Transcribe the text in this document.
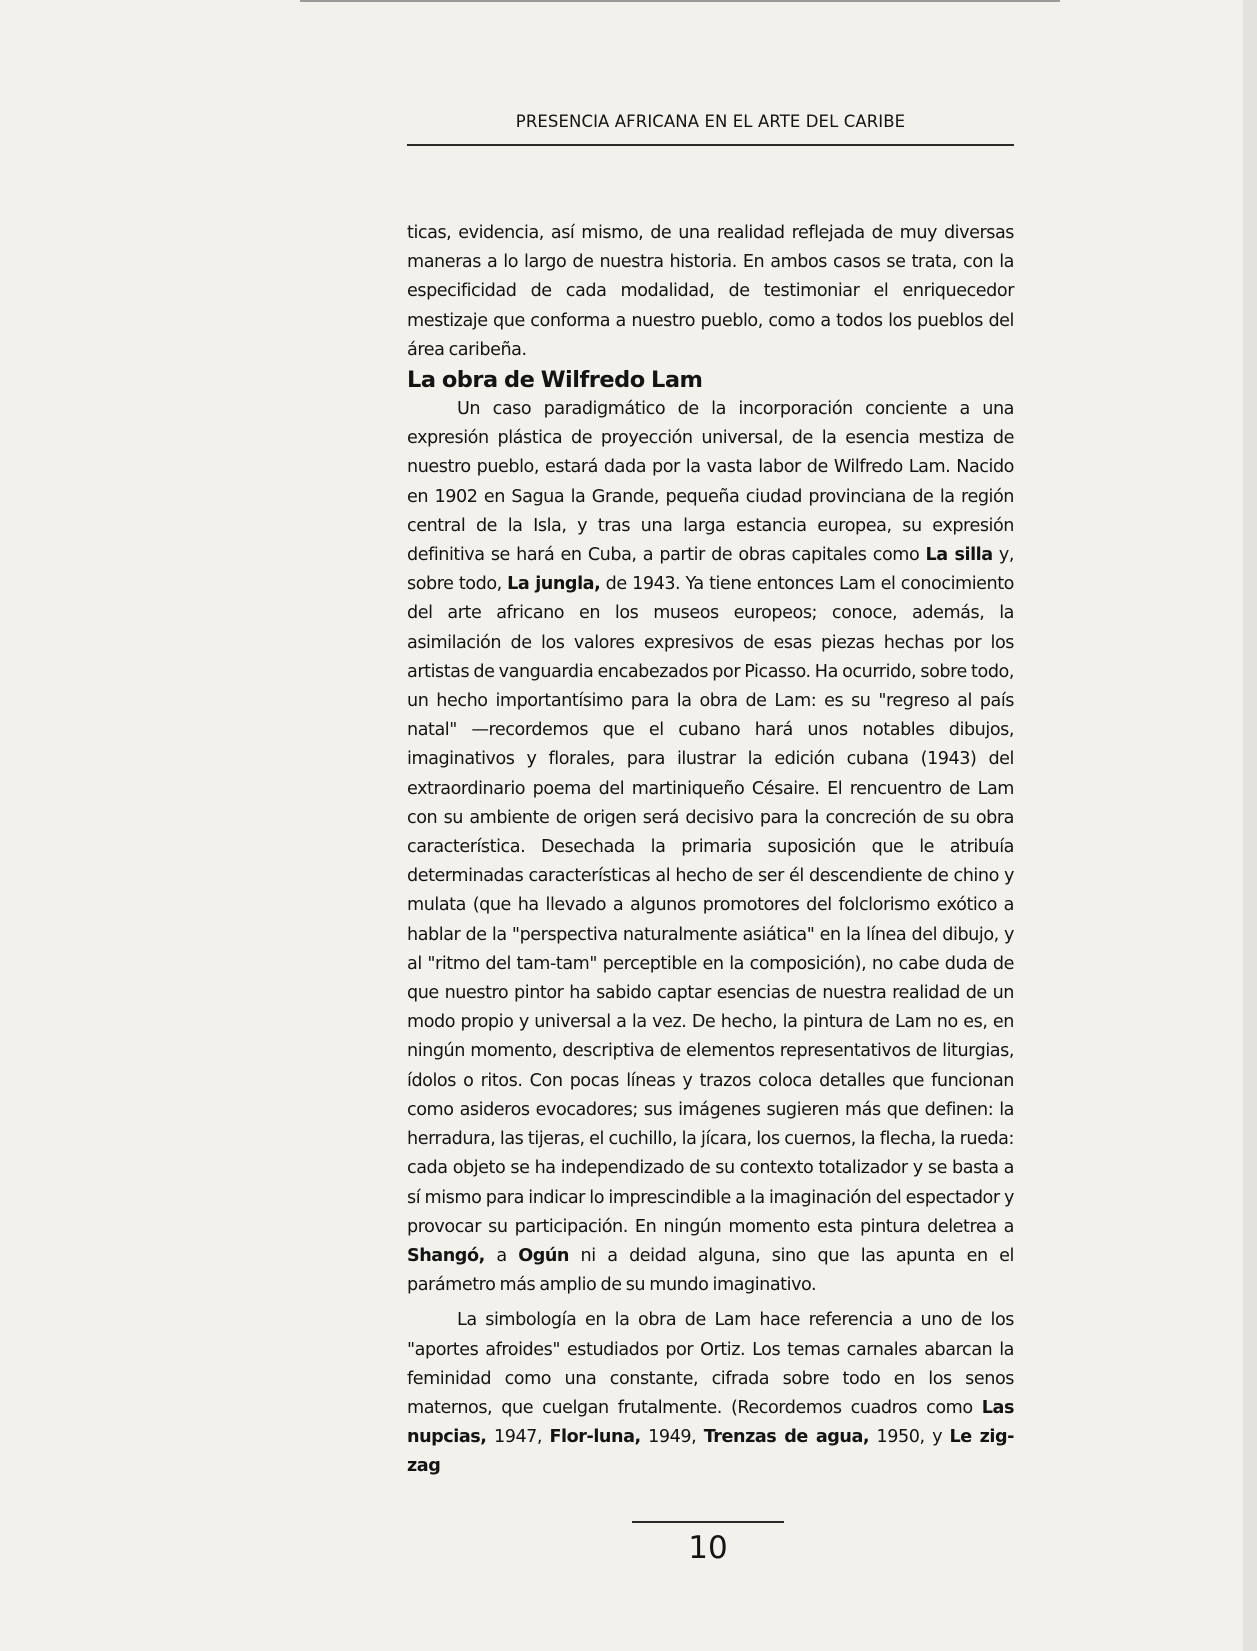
PRESENCIA AFRICANA EN EL ARTE DEL CARIBE

ticas, evidencia, así mismo, de una realidad reflejada de muy diversas maneras a lo largo de nuestra historia. En ambos casos se trata, con la especificidad de cada modalidad, de testimoniar el enriquecedor mestizaje que conforma a nuestro pueblo, como a todos los pueblos del área caribeña.

La obra de Wilfredo Lam

Un caso paradigmático de la incorporación conciente a una expresión plástica de proyección universal, de la esencia mestiza de nuestro pueblo, estará dada por la vasta labor de Wilfredo Lam. Nacido en 1902 en Sagua la Grande, pequeña ciudad provinciana de la región central de la Isla, y tras una larga estancia europea, su expresión definitiva se hará en Cuba, a partir de obras capitales como La silla y, sobre todo, La jungla, de 1943. Ya tiene entonces Lam el conocimiento del arte africano en los museos europeos; conoce, además, la asimilación de los valores expresivos de esas piezas hechas por los artistas de vanguardia encabezados por Picasso. Ha ocurrido, sobre todo, un hecho importantísimo para la obra de Lam: es su "regreso al país natal" —recordemos que el cubano hará unos notables dibujos, imaginativos y florales, para ilustrar la edición cubana (1943) del extraordinario poema del martiniqueño Césaire. El rencuentro de Lam con su ambiente de origen será decisivo para la concreción de su obra característica. Desechada la primaria suposición que le atribuía determinadas características al hecho de ser él descendiente de chino y mulata (que ha llevado a algunos promotores del folclorismo exótico a hablar de la "perspectiva naturalmente asiática" en la línea del dibujo, y al "ritmo del tam-tam" perceptible en la composición), no cabe duda de que nuestro pintor ha sabido captar esencias de nuestra realidad de un modo propio y universal a la vez. De hecho, la pintura de Lam no es, en ningún momento, descriptiva de elementos representativos de liturgias, ídolos o ritos. Con pocas líneas y trazos coloca detalles que funcionan como asideros evocadores; sus imágenes sugieren más que definen: la herradura, las tijeras, el cuchillo, la jícara, los cuernos, la flecha, la rueda: cada objeto se ha independizado de su contexto totalizador y se basta a sí mismo para indicar lo imprescindible a la imaginación del espectador y provocar su participación. En ningún momento esta pintura deletrea a Shangó, a Ogún ni a deidad alguna, sino que las apunta en el parámetro más amplio de su mundo imaginativo.

La simbología en la obra de Lam hace referencia a uno de los "aportes afroides" estudiados por Ortiz. Los temas carnales abarcan la feminidad como una constante, cifrada sobre todo en los senos maternos, que cuelgan frutalmente. (Recordemos cuadros como Las nupcias, 1947, Flor-luna, 1949, Trenzas de agua, 1950, y Le zig-zag

10
